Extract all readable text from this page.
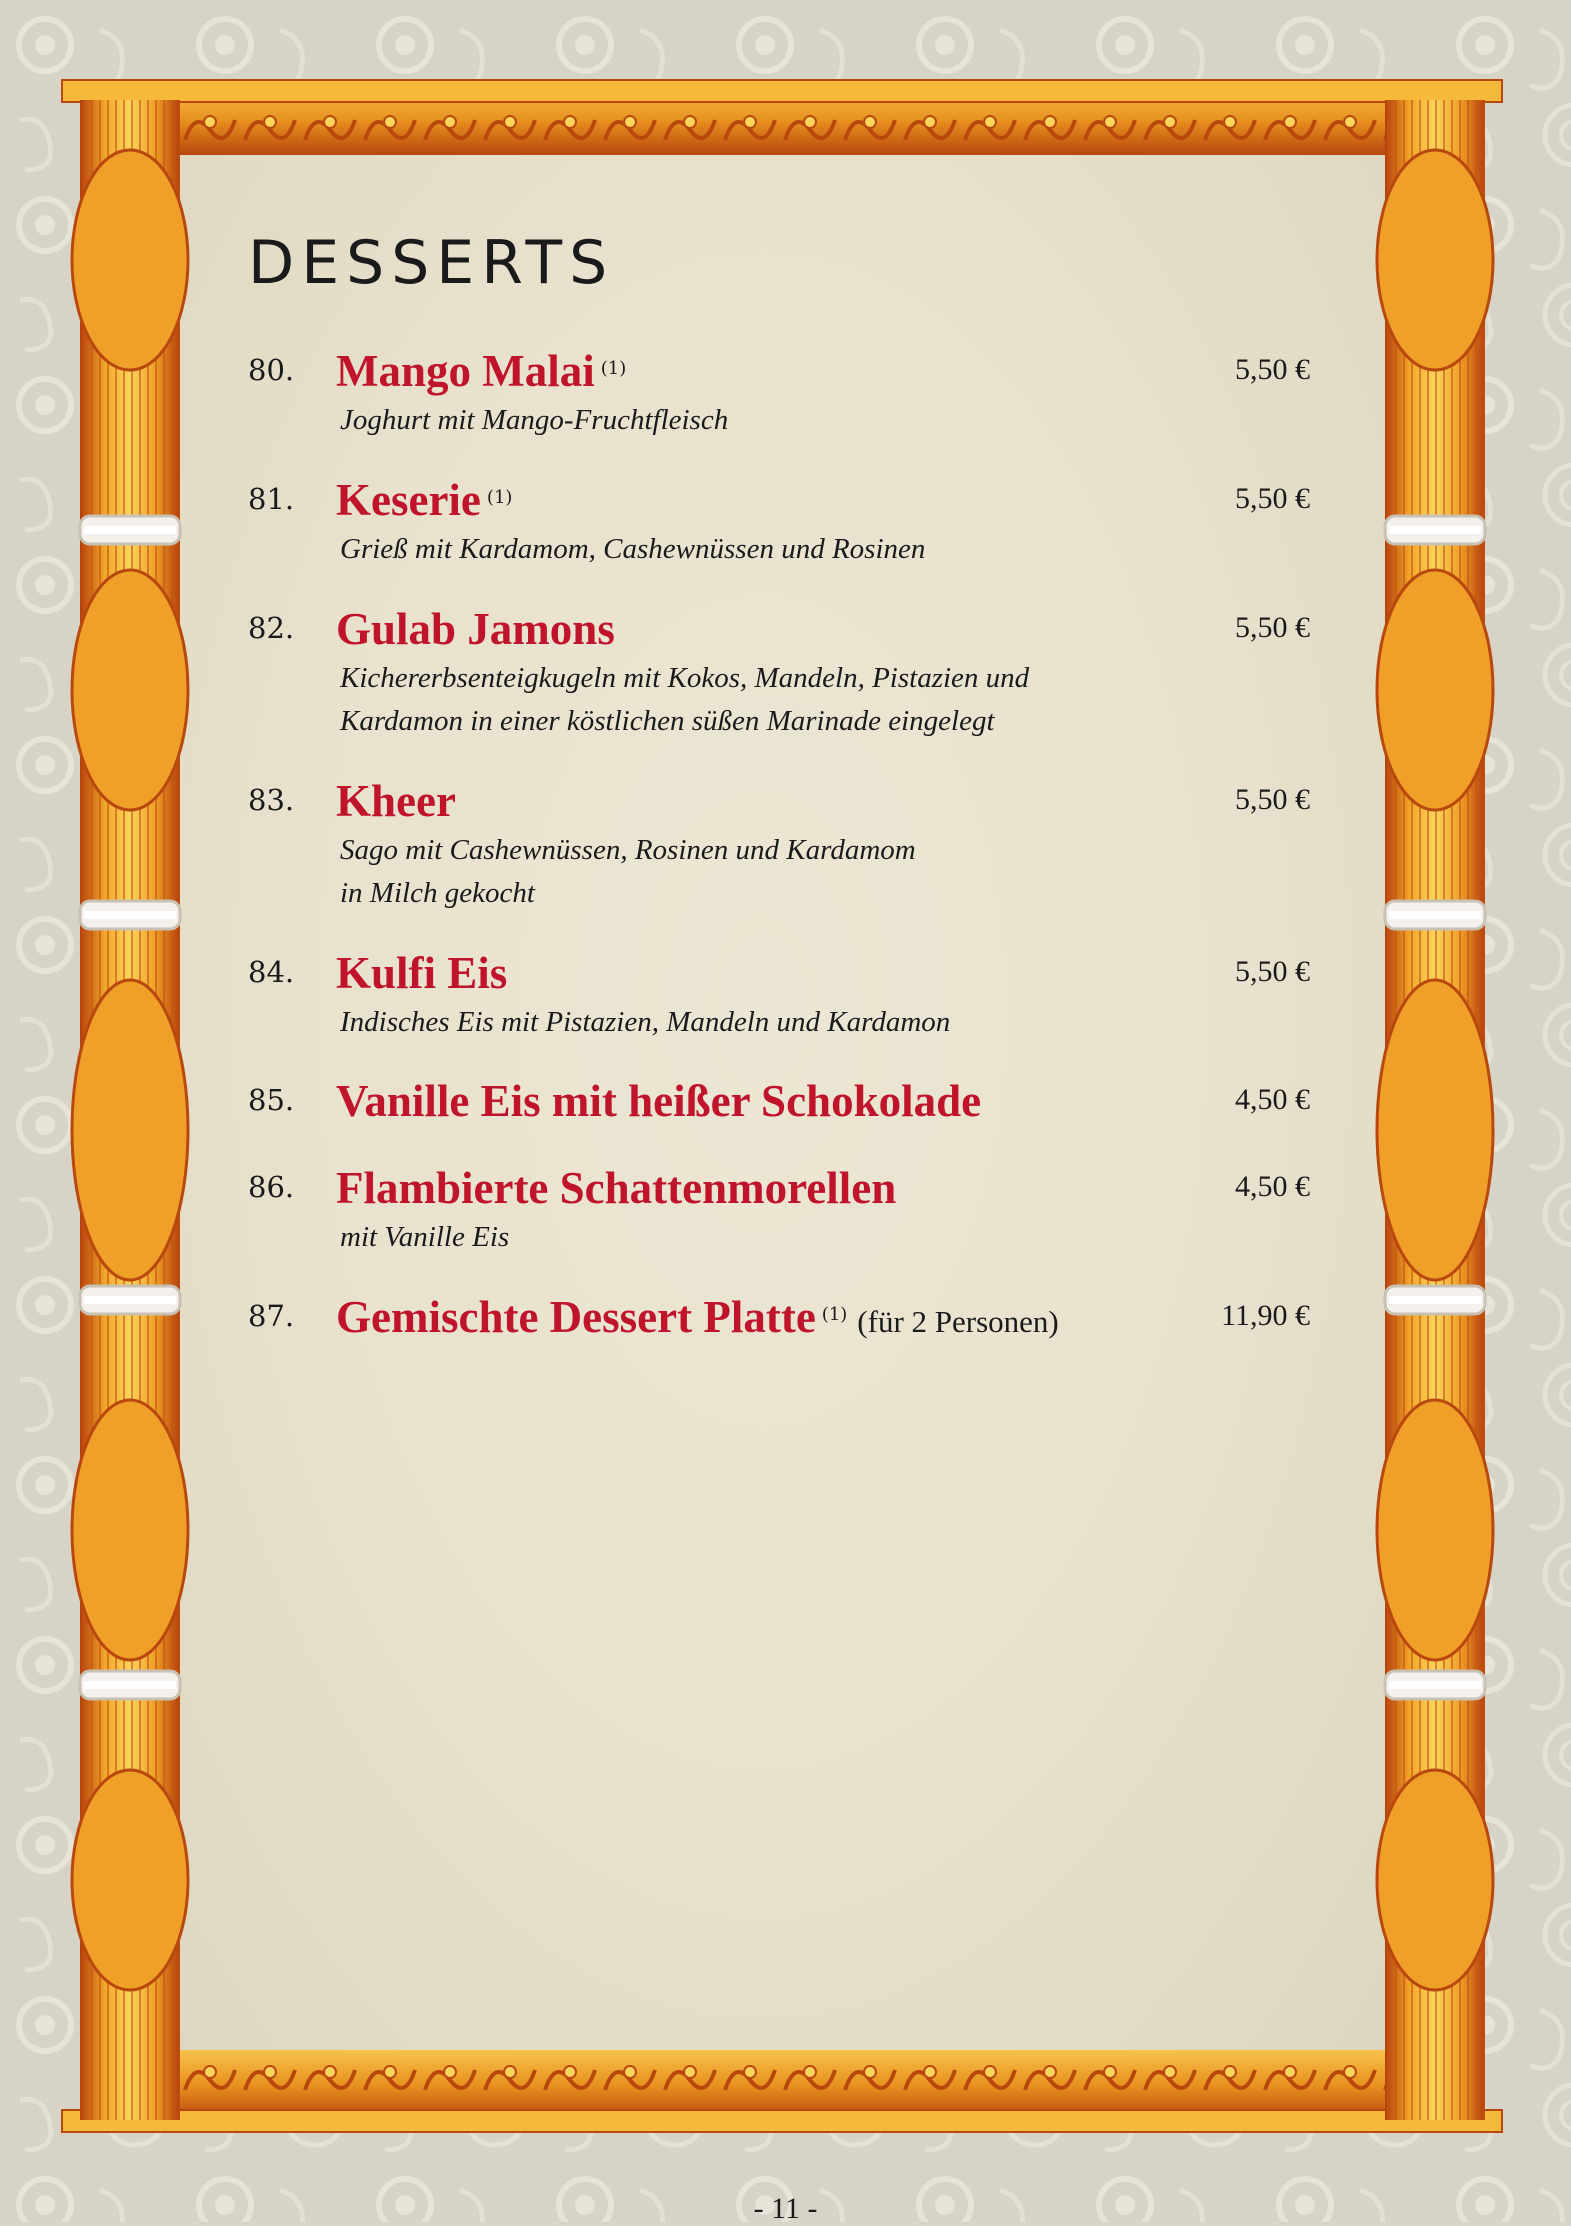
DESSERTS
80. Mango Malai (1)	5,50 €
Joghurt mit Mango-Fruchtfleisch
81. Keserie (1)	5,50 €
Grieß mit Kardamom, Cashewnüssen und Rosinen
82. Gulab Jamons	5,50 €
Kichererbsenteigkugeln mit Kokos, Mandeln, Pistazien und
Kardamon in einer köstlichen süßen Marinade eingelegt
83. Kheer	5,50 €
Sago mit Cashewnüssen, Rosinen und Kardamom
in Milch gekocht
84. Kulfi Eis	5,50 €
Indisches Eis mit Pistazien, Mandeln und Kardamon
85. Vanille Eis mit heißer Schokolade	4,50 €
86. Flambierte Schattenmorellen	4,50 €
mit Vanille Eis
87. Gemischte Dessert Platte (1) (für 2 Personen)	11,90 €
- 11 -
